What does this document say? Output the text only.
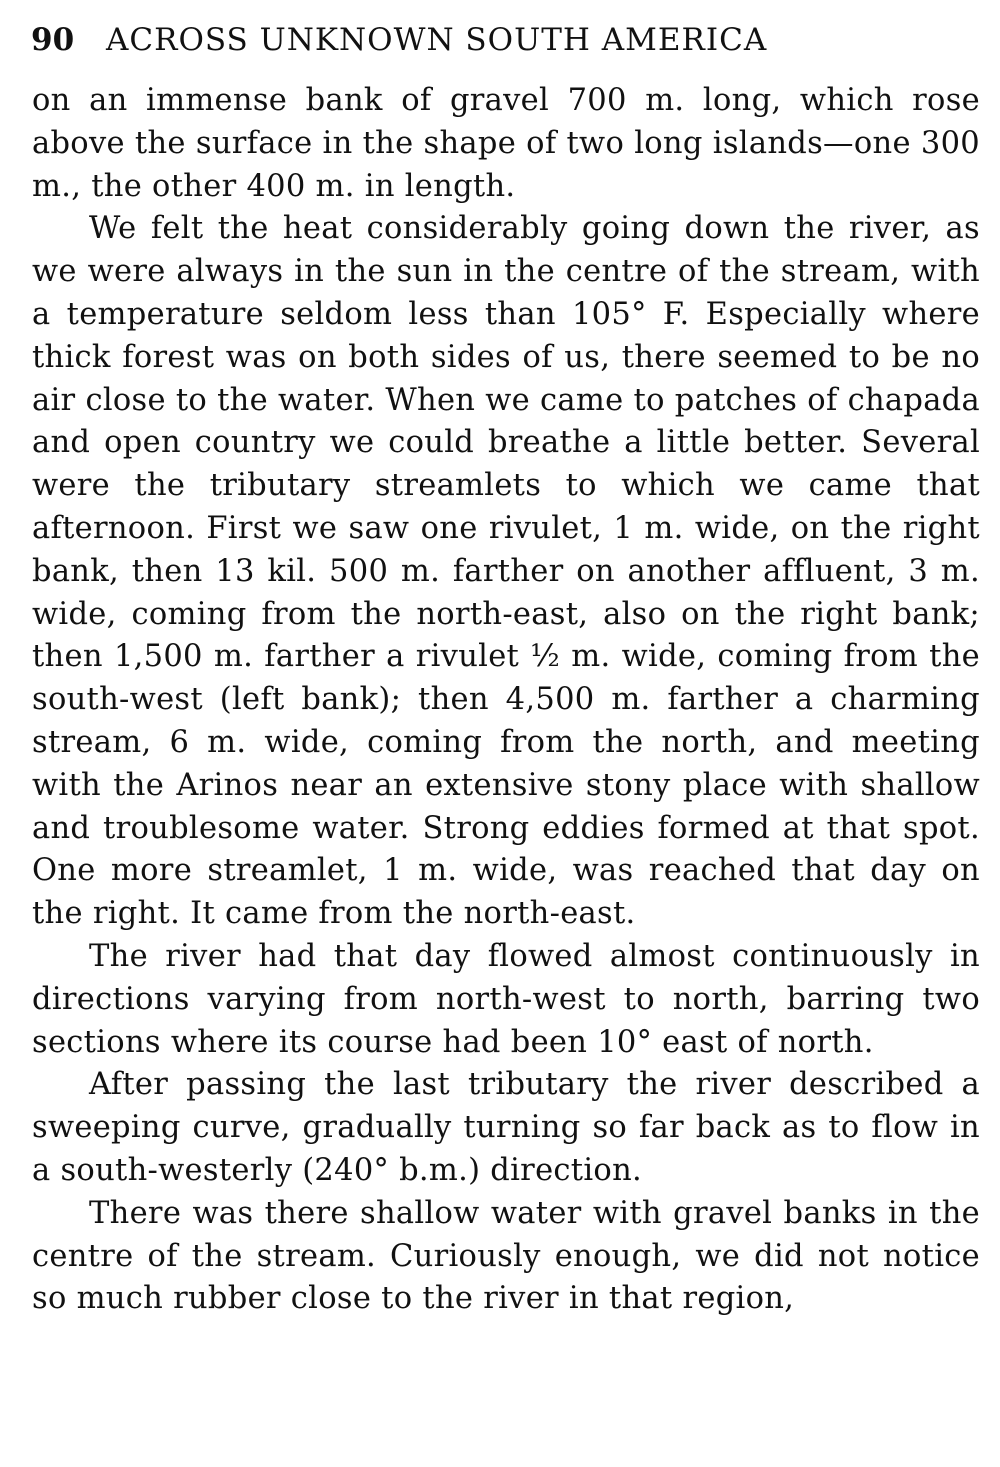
90 ACROSS UNKNOWN SOUTH AMERICA

on an immense bank of gravel 700 m. long, which rose above the surface in the shape of two long islands—one 300 m., the other 400 m. in length.

We felt the heat considerably going down the river, as we were always in the sun in the centre of the stream, with a temperature seldom less than 105° F. Especially where thick forest was on both sides of us, there seemed to be no air close to the water. When we came to patches of chapada and open country we could breathe a little better. Several were the tributary streamlets to which we came that afternoon. First we saw one rivulet, 1 m. wide, on the right bank, then 13 kil. 500 m. farther on another affluent, 3 m. wide, coming from the north-east, also on the right bank; then 1,500 m. farther a rivulet ½ m. wide, coming from the south-west (left bank); then 4,500 m. farther a charming stream, 6 m. wide, coming from the north, and meeting with the Arinos near an extensive stony place with shallow and troublesome water. Strong eddies formed at that spot. One more streamlet, 1 m. wide, was reached that day on the right. It came from the north-east.

The river had that day flowed almost continuously in directions varying from north-west to north, barring two sections where its course had been 10° east of north.

After passing the last tributary the river described a sweeping curve, gradually turning so far back as to flow in a south-westerly (240° b.m.) direction.

There was there shallow water with gravel banks in the centre of the stream. Curiously enough, we did not notice so much rubber close to the river in that region,
